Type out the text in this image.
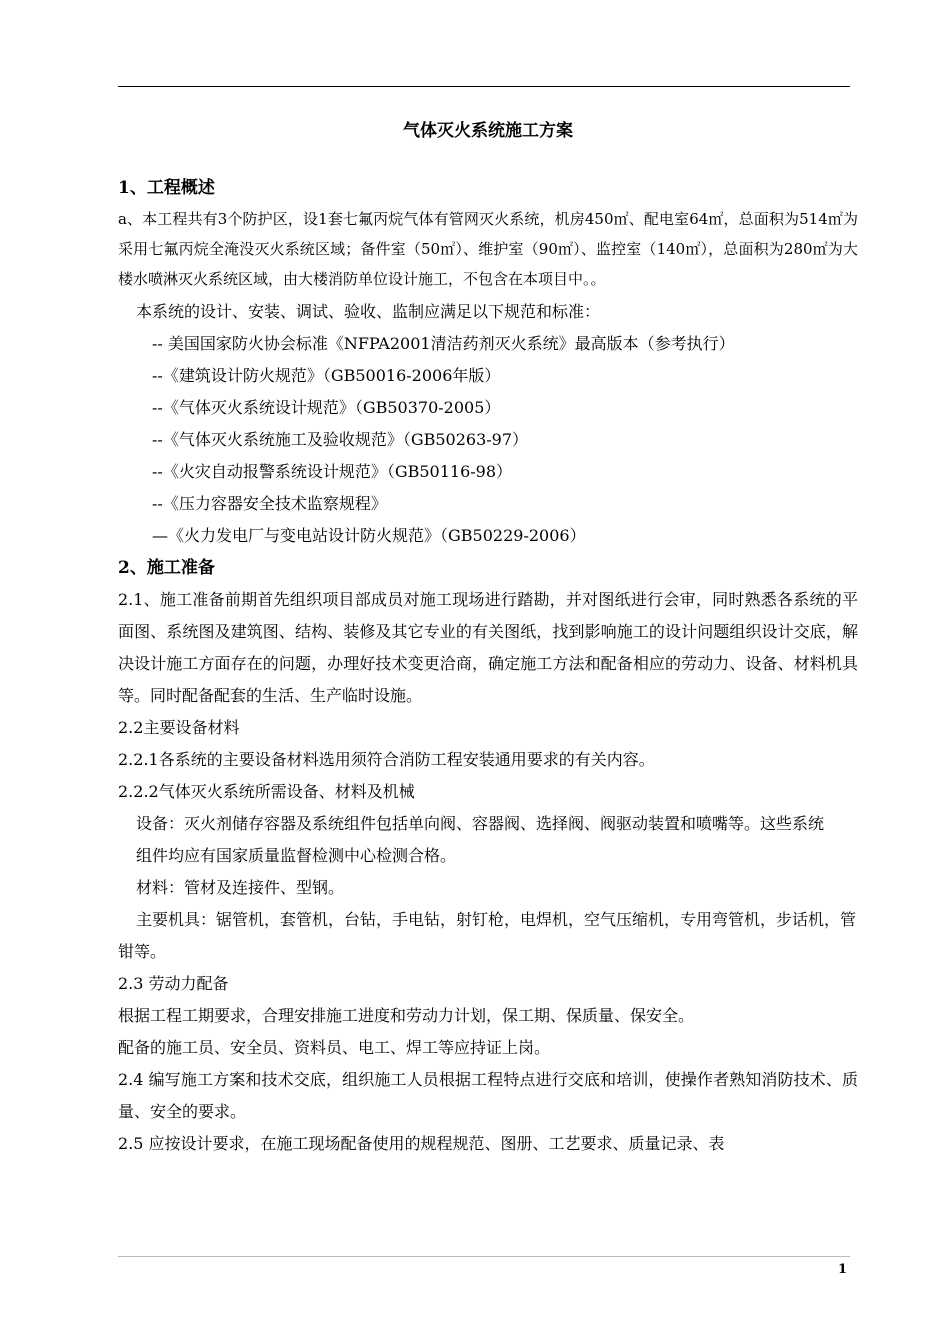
气体灭火系统施工方案
1、工程概述
a、本工程共有3个防护区，设1套七氟丙烷气体有管网灭火系统，机房450㎡、配电室64㎡，总面积为514㎡为采用七氟丙烷全淹没灭火系统区域；备件室（50㎡）、维护室（90㎡）、监控室（140㎡），总面积为280㎡为大楼水喷淋灭火系统区域，由大楼消防单位设计施工，不包含在本项目中。。
本系统的设计、安装、调试、验收、监制应满足以下规范和标准：
-- 美国国家防火协会标准《NFPA2001清洁药剂灭火系统》最高版本（参考执行）
--《建筑设计防火规范》（GB50016-2006年版）
--《气体灭火系统设计规范》（GB50370-2005）
--《气体灭火系统施工及验收规范》（GB50263-97）
--《火灾自动报警系统设计规范》（GB50116-98）
--《压力容器安全技术监察规程》
—《火力发电厂与变电站设计防火规范》（GB50229-2006）
2、施工准备
2.1、施工准备前期首先组织项目部成员对施工现场进行踏勘，并对图纸进行会审，同时熟悉各系统的平面图、系统图及建筑图、结构、装修及其它专业的有关图纸，找到影响施工的设计问题组织设计交底，解决设计施工方面存在的问题，办理好技术变更洽商，确定施工方法和配备相应的劳动力、设备、材料机具等。同时配备配套的生活、生产临时设施。
2.2主要设备材料
2.2.1各系统的主要设备材料选用须符合消防工程安装通用要求的有关内容。
2.2.2气体灭火系统所需设备、材料及机械
设备：灭火剂储存容器及系统组件包括单向阀、容器阀、选择阀、阀驱动装置和喷嘴等。这些系统组件均应有国家质量监督检测中心检测合格。
材料：管材及连接件、型钢。
主要机具：锯管机，套管机，台钻，手电钻，射钉枪，电焊机，空气压缩机，专用弯管机，步话机，管钳等。
2.3 劳动力配备
根据工程工期要求，合理安排施工进度和劳动力计划，保工期、保质量、保安全。
配备的施工员、安全员、资料员、电工、焊工等应持证上岗。
2.4 编写施工方案和技术交底，组织施工人员根据工程特点进行交底和培训，使操作者熟知消防技术、质量、安全的要求。
2.5 应按设计要求，在施工现场配备使用的规程规范、图册、工艺要求、质量记录、表
1
